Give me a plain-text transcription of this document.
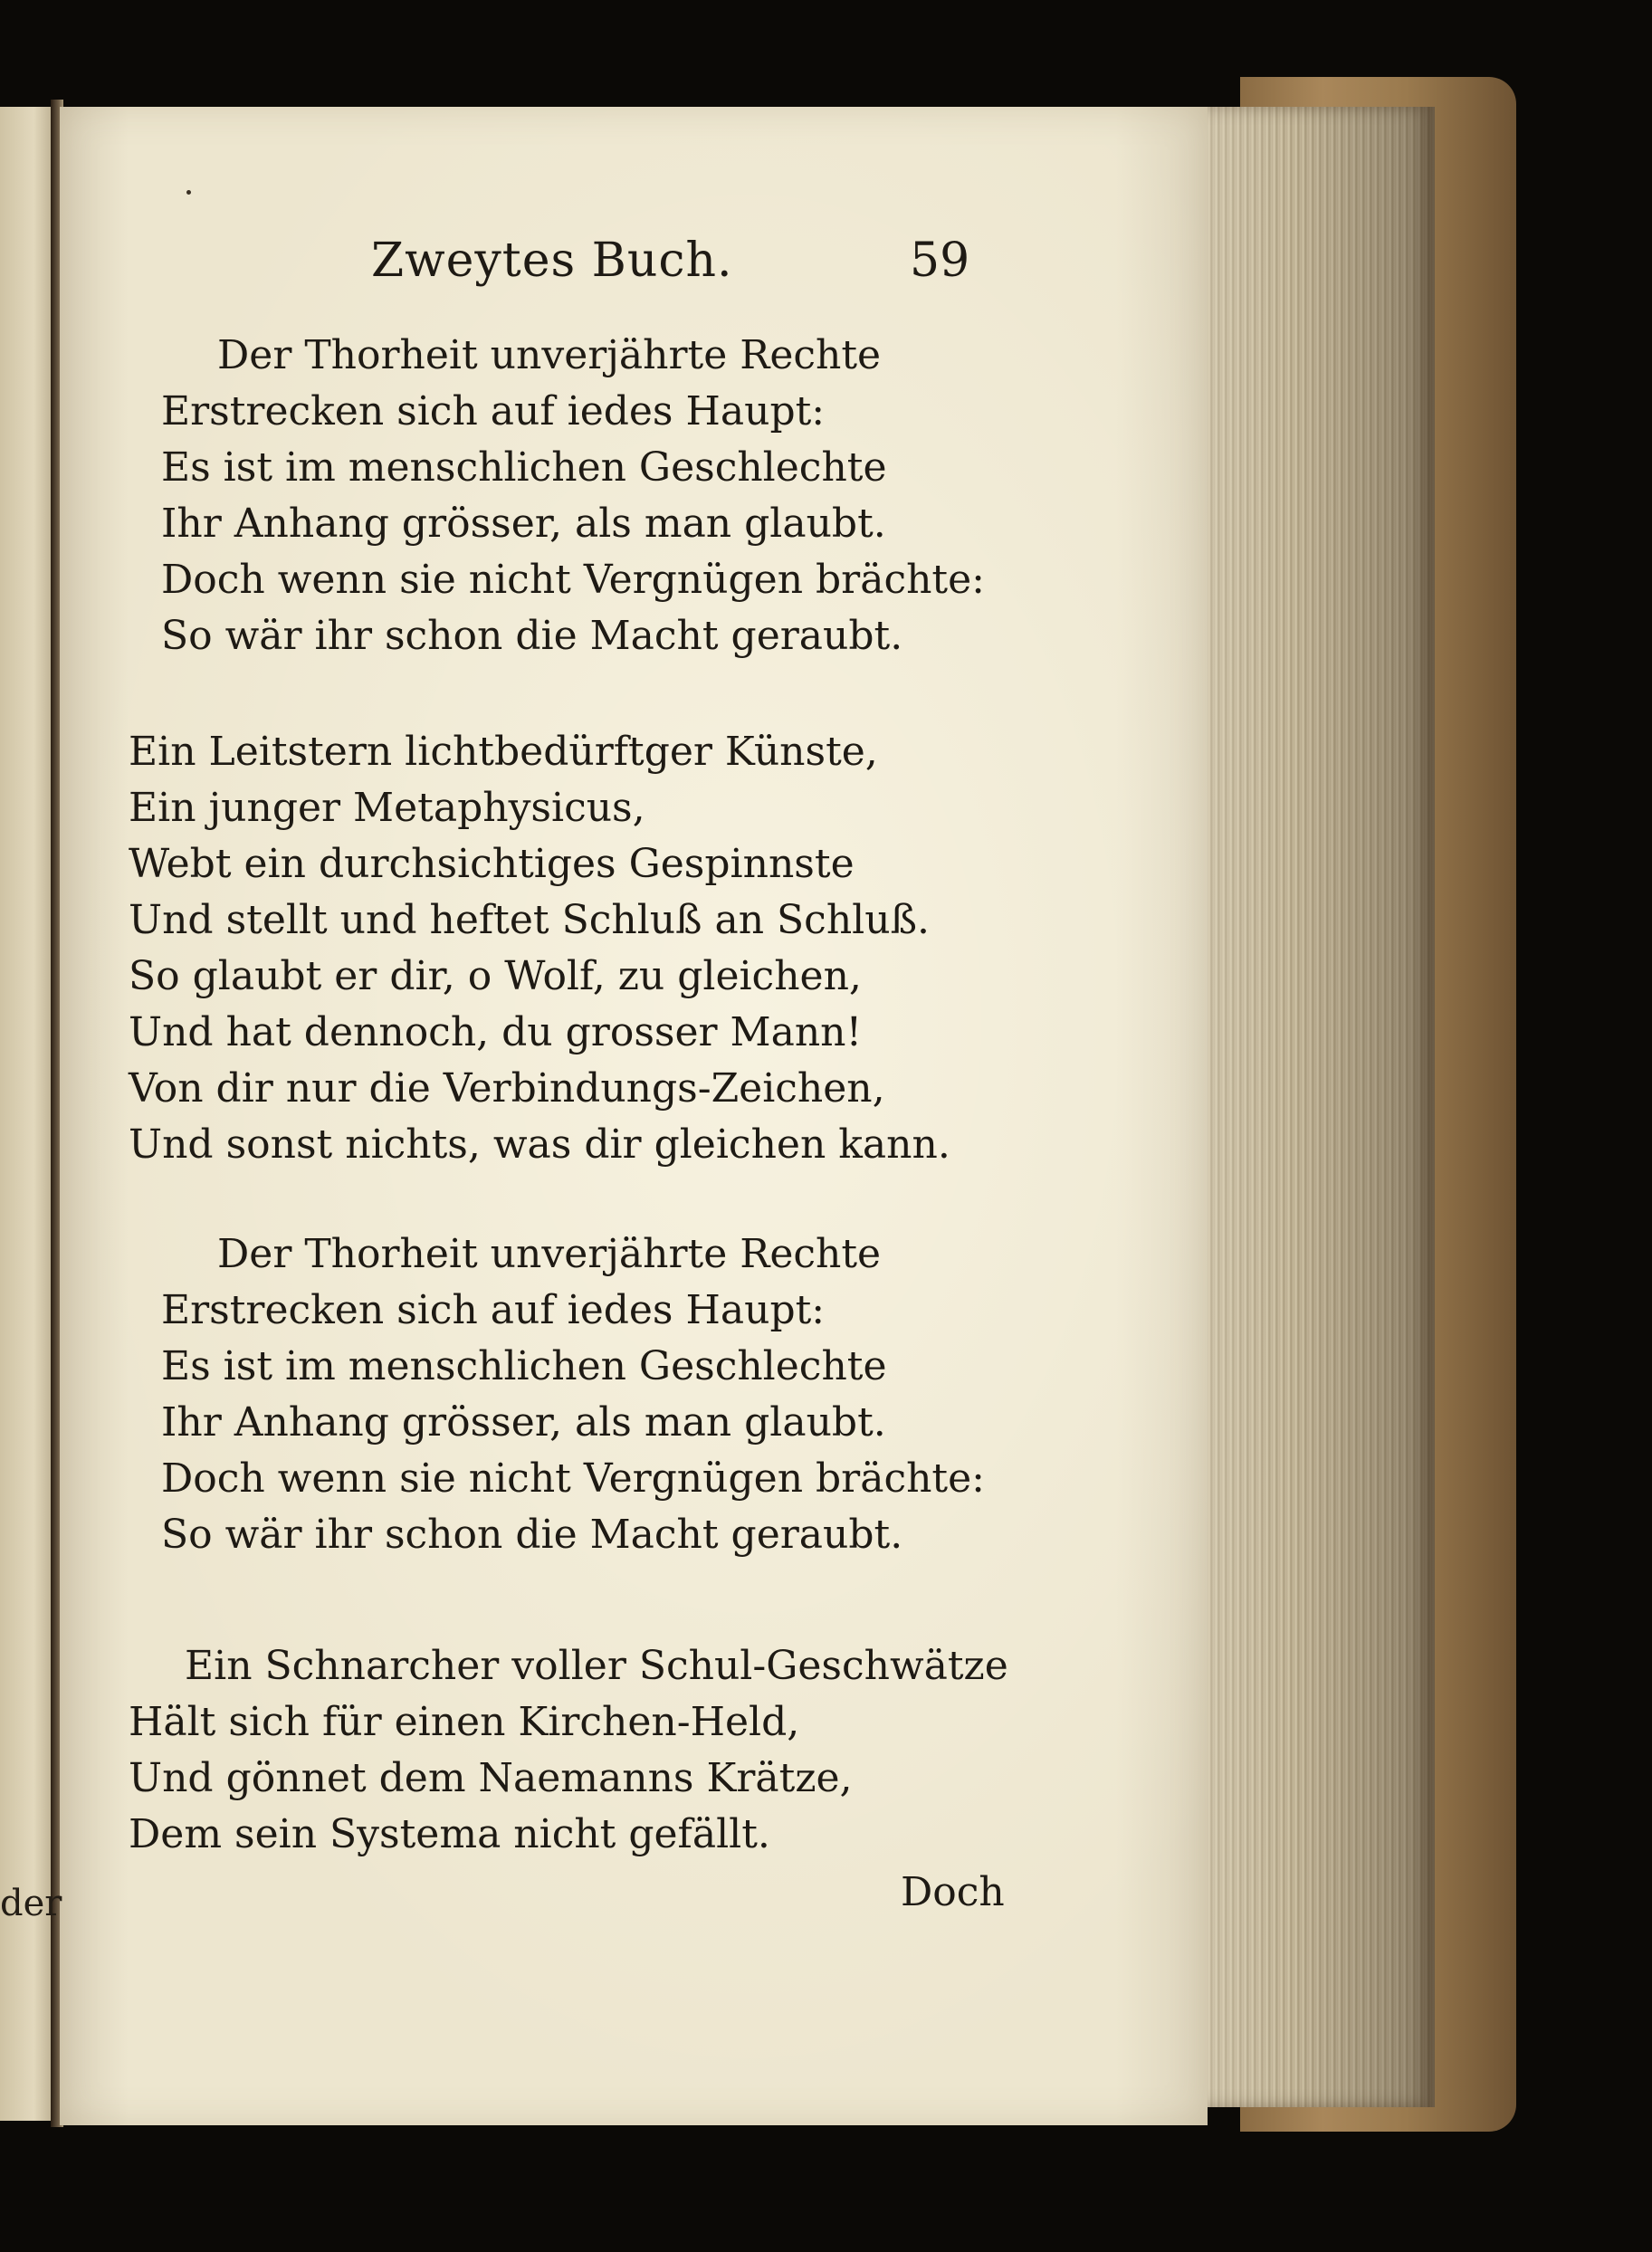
Zweytes Buch.	59
Der Thorheit unverjährte Rechte
Erstrecken sich auf iedes Haupt:
Es ist im menschlichen Geschlechte
Ihr Anhang grösser, als man glaubt.
Doch wenn sie nicht Vergnügen brächte:
So wär ihr schon die Macht geraubt.
Ein Leitstern lichtbedürftger Künste,
Ein junger Metaphysicus,
Webt ein durchsichtiges Gespinnste
Und stellt und heftet Schluß an Schluß.
So glaubt er dir, o Wolf, zu gleichen,
Und hat dennoch, du grosser Mann!
Von dir nur die Verbindungs-Zeichen,
Und sonst nichts, was dir gleichen kann.
Der Thorheit unverjährte Rechte
Erstrecken sich auf iedes Haupt:
Es ist im menschlichen Geschlechte
Ihr Anhang grösser, als man glaubt.
Doch wenn sie nicht Vergnügen brächte:
So wär ihr schon die Macht geraubt.
Ein Schnarcher voller Schul-Geschwätze
Hält sich für einen Kirchen-Held,
Und gönnet dem Naemanns Krätze,
Dem sein Systema nicht gefällt.
Doch
der
